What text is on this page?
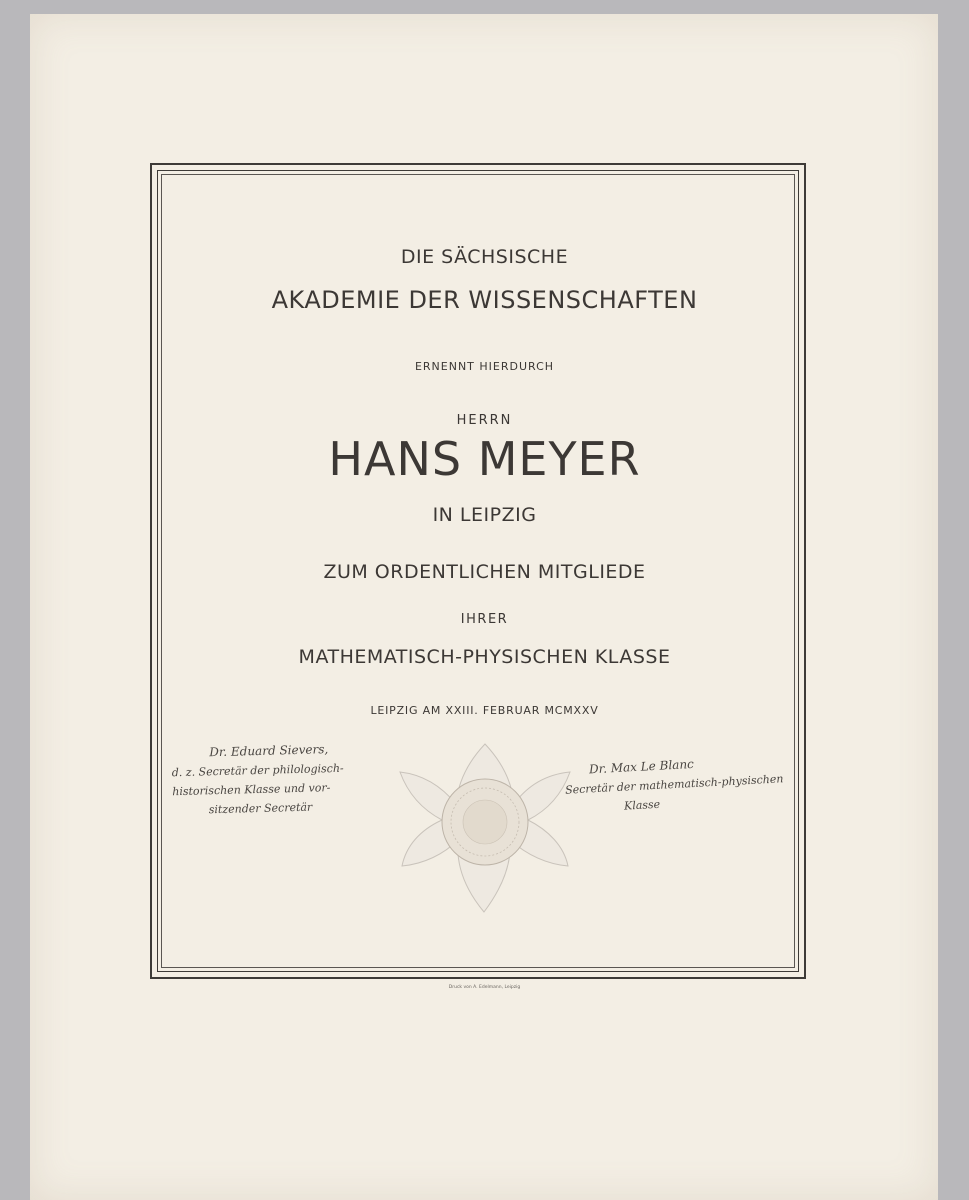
DIE SÄCHSISCHE
AKADEMIE DER WISSENSCHAFTEN
ERNENNT HIERDURCH
HERRN
HANS MEYER
IN LEIPZIG
ZUM ORDENTLICHEN MITGLIEDE
IHRER
MATHEMATISCH-PHYSISCHEN KLASSE
LEIPZIG AM XXIII. FEBRUAR MCMXXV
Dr. Eduard Sievers,
d. z. Secretär der philologisch-
historischen Klasse und vor-
sitzender Secretär
Dr. Max Le Blanc
Secretär der mathematisch-physischen
Klasse
Druck von A. Edelmann, Leipzig
